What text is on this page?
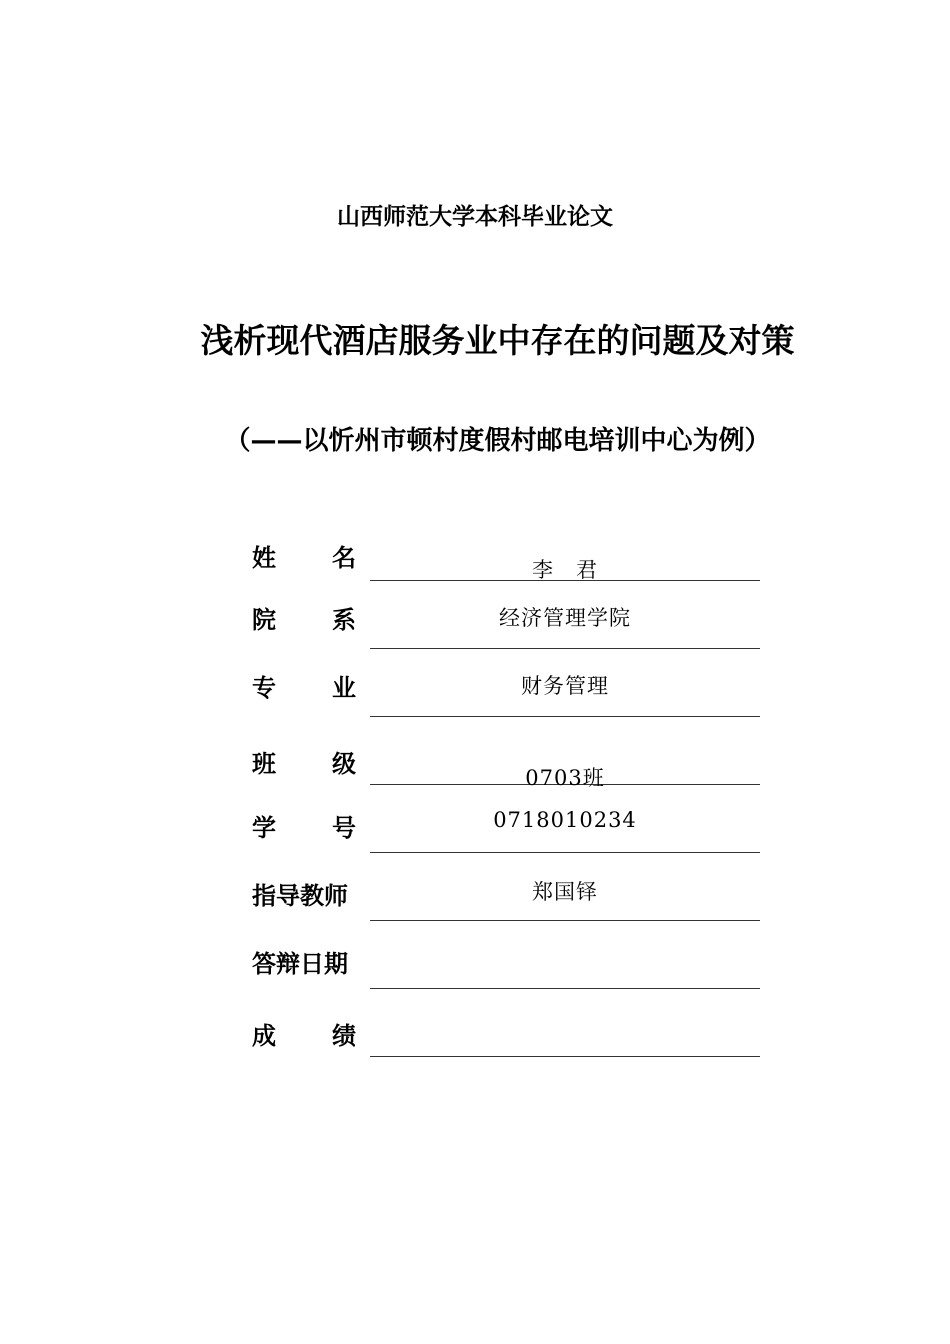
山西师范大学本科毕业论文
浅析现代酒店服务业中存在的问题及对策
（——以忻州市顿村度假村邮电培训中心为例）
姓 名	李　君
院 系	经济管理学院
专 业	财务管理
班 级	0703班
学 号	0718010234
指导教师	郑国铎
答辩日期
成 绩
